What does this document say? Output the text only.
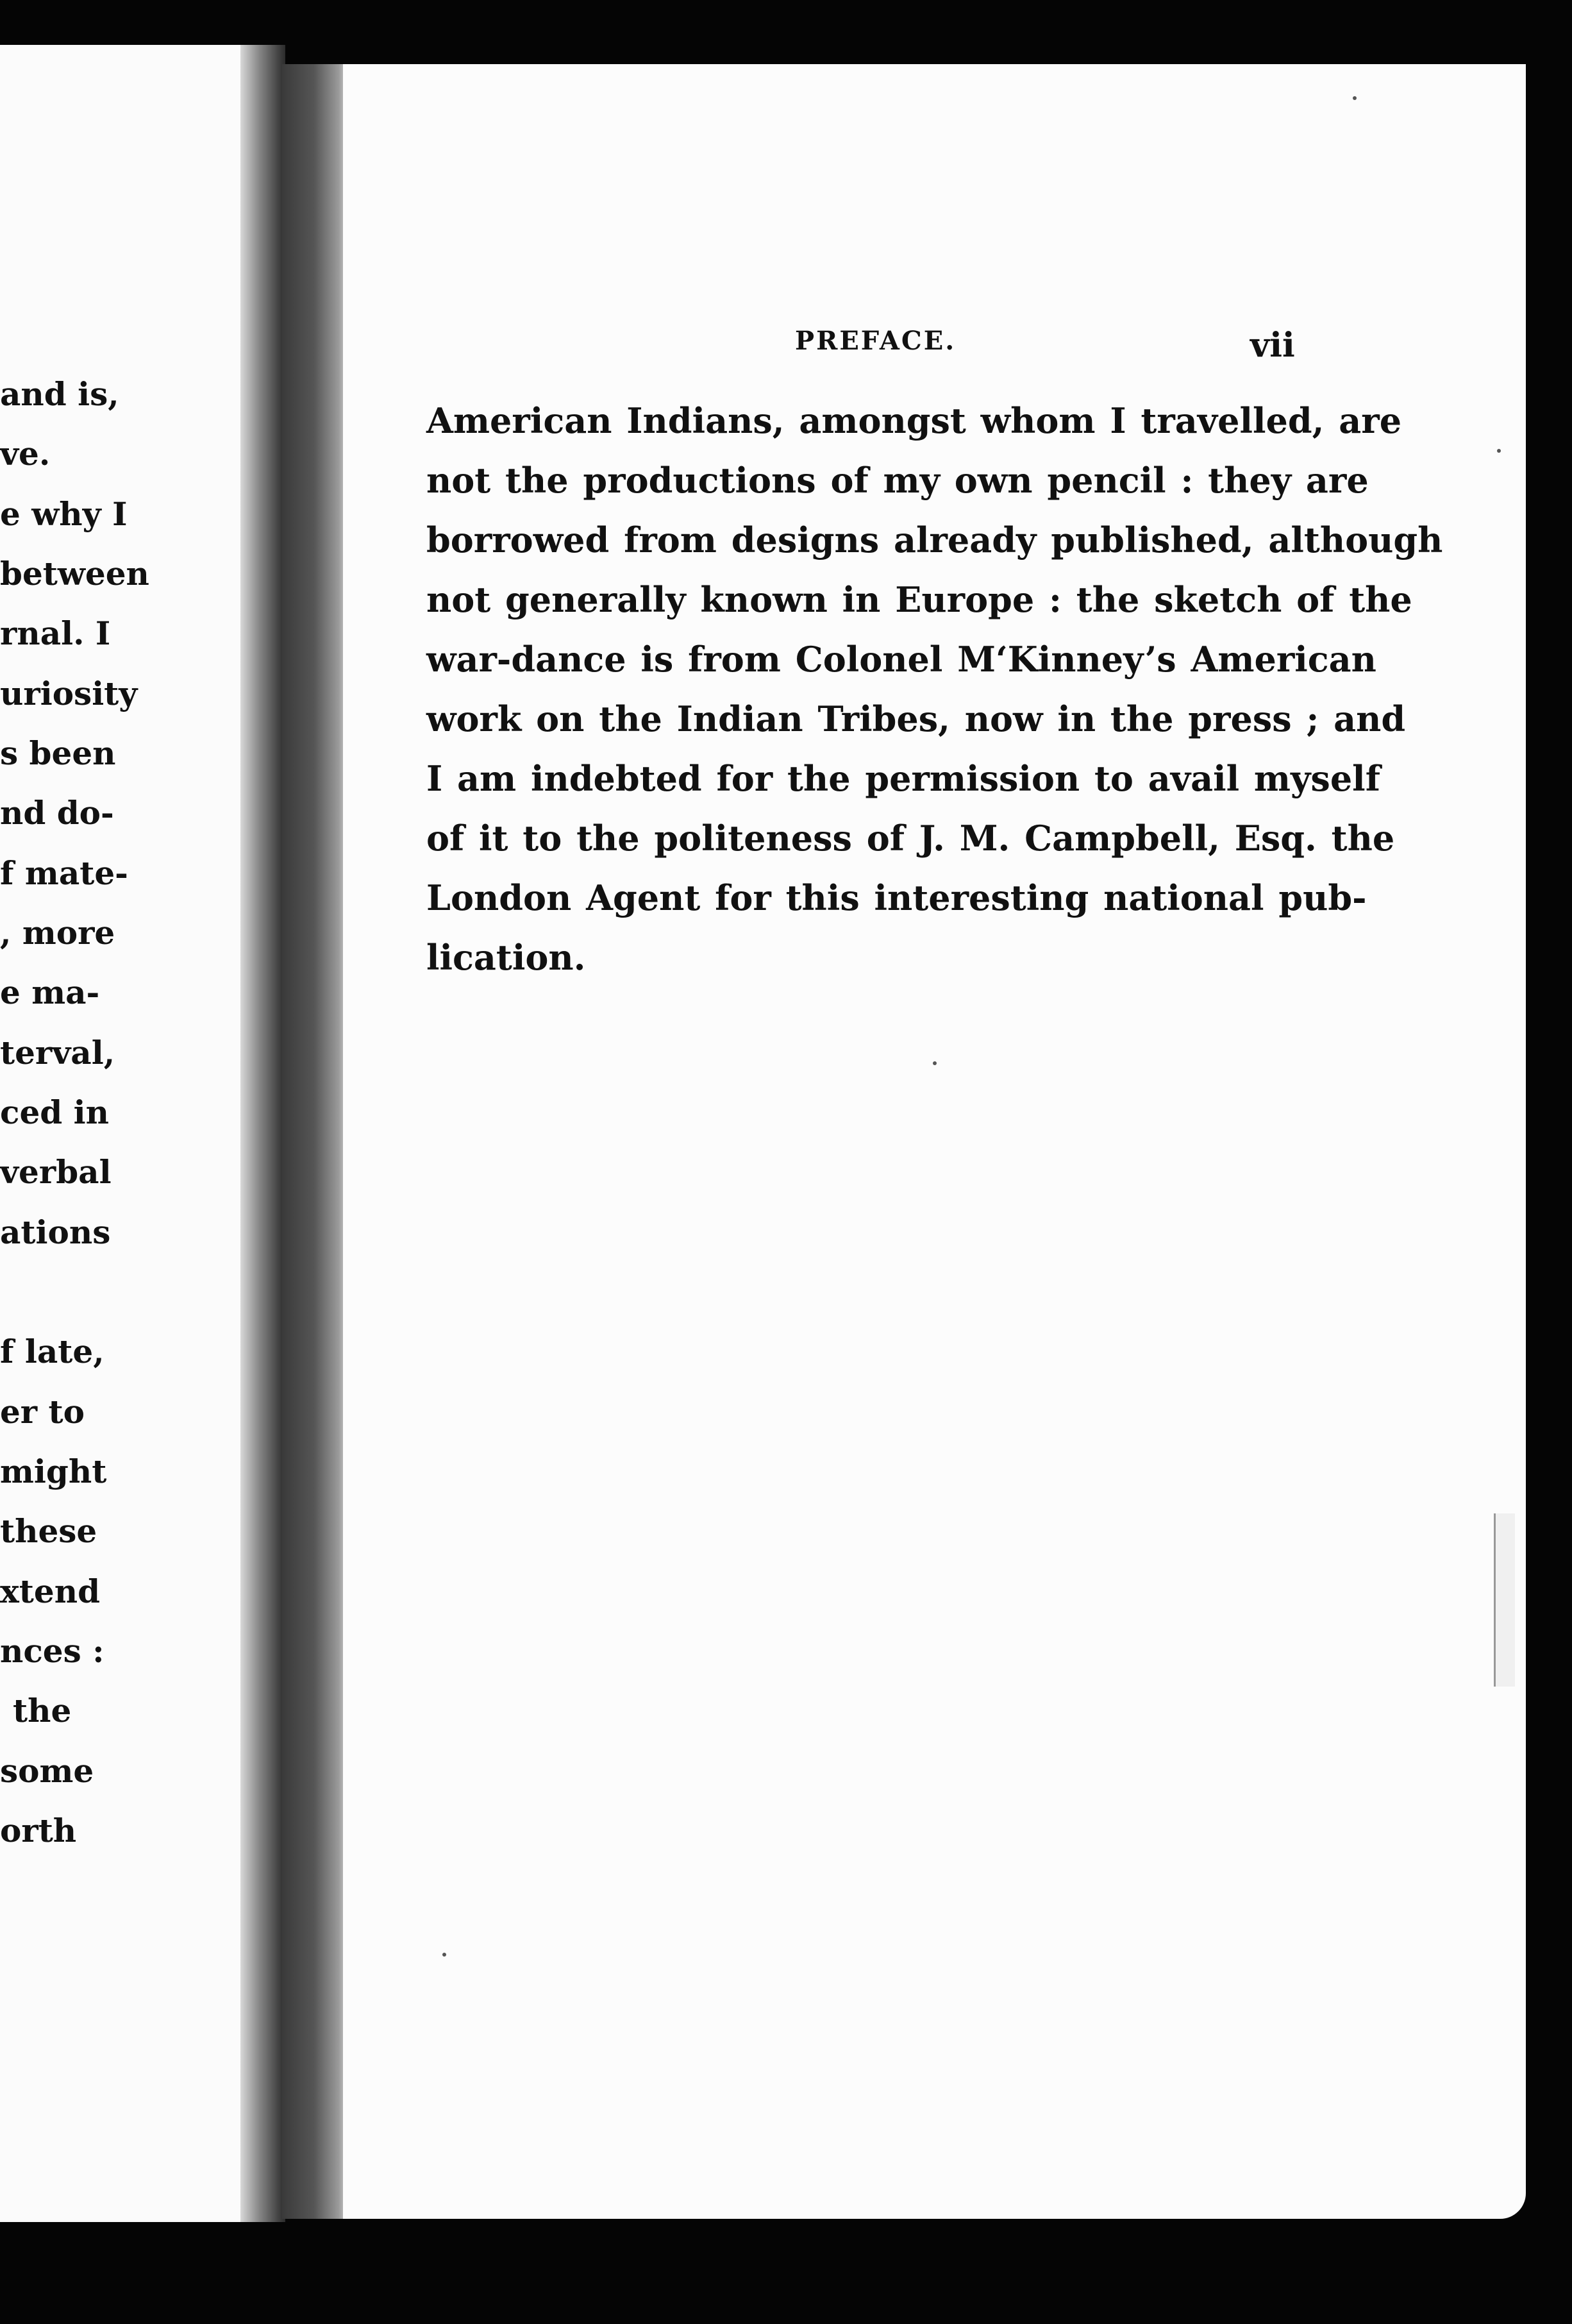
and is,
ve.
e why I
between
rnal. I
uriosity
s been
nd do-
f mate-
, more
e ma-
terval,
ced in
verbal
ations
f late,
er to
might
these
xtend
nces :
the
some
orth
PREFACE.	vii
American Indians, amongst whom I travelled, are
not the productions of my own pencil : they are
borrowed from designs already published, although
not generally known in Europe : the sketch of the
war-dance is from Colonel M‘Kinney’s American
work on the Indian Tribes, now in the press ; and
I am indebted for the permission to avail myself
of it to the politeness of J. M. Campbell, Esq. the
London Agent for this interesting national pub-
lication.
